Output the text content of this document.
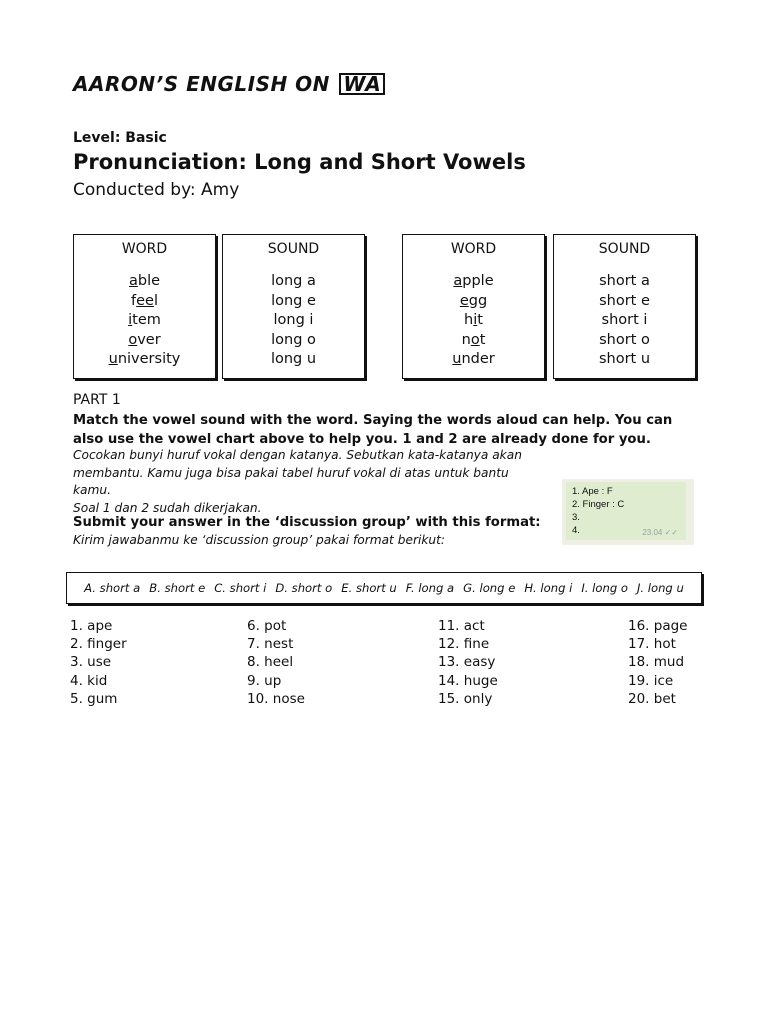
AARON’S ENGLISH ON WA
Level: Basic
Pronunciation: Long and Short Vowels
Conducted by: Amy
WORD
able
feel
item
over
university
SOUND
long a
long e
long i
long o
long u
WORD
apple
egg
hit
not
under
SOUND
short a
short e
short i
short o
short u
PART 1
Match the vowel sound with the word. Saying the words aloud can help. You can also use the vowel chart above to help you. 1 and 2 are already done for you.
Cocokan bunyi huruf vokal dengan katanya. Sebutkan kata-katanya akan
membantu. Kamu juga bisa pakai tabel huruf vokal di atas untuk bantu kamu.
Soal 1 dan 2 sudah dikerjakan.
Submit your answer in the ‘discussion group’ with this format:
Kirim jawabanmu ke ‘discussion group’ pakai format berikut:
1. Ape : F
2. Finger : C
3.
4.	23.04 ✓✓
A. short a B. short e C. short i D. short o E. short u F. long a G. long e H. long i I. long o J. long u
1. ape
2. finger
3. use
4. kid
5. gum
6. pot
7. nest
8. heel
9. up
10. nose
11. act
12. fine
13. easy
14. huge
15. only
16. page
17. hot
18. mud
19. ice
20. bet
